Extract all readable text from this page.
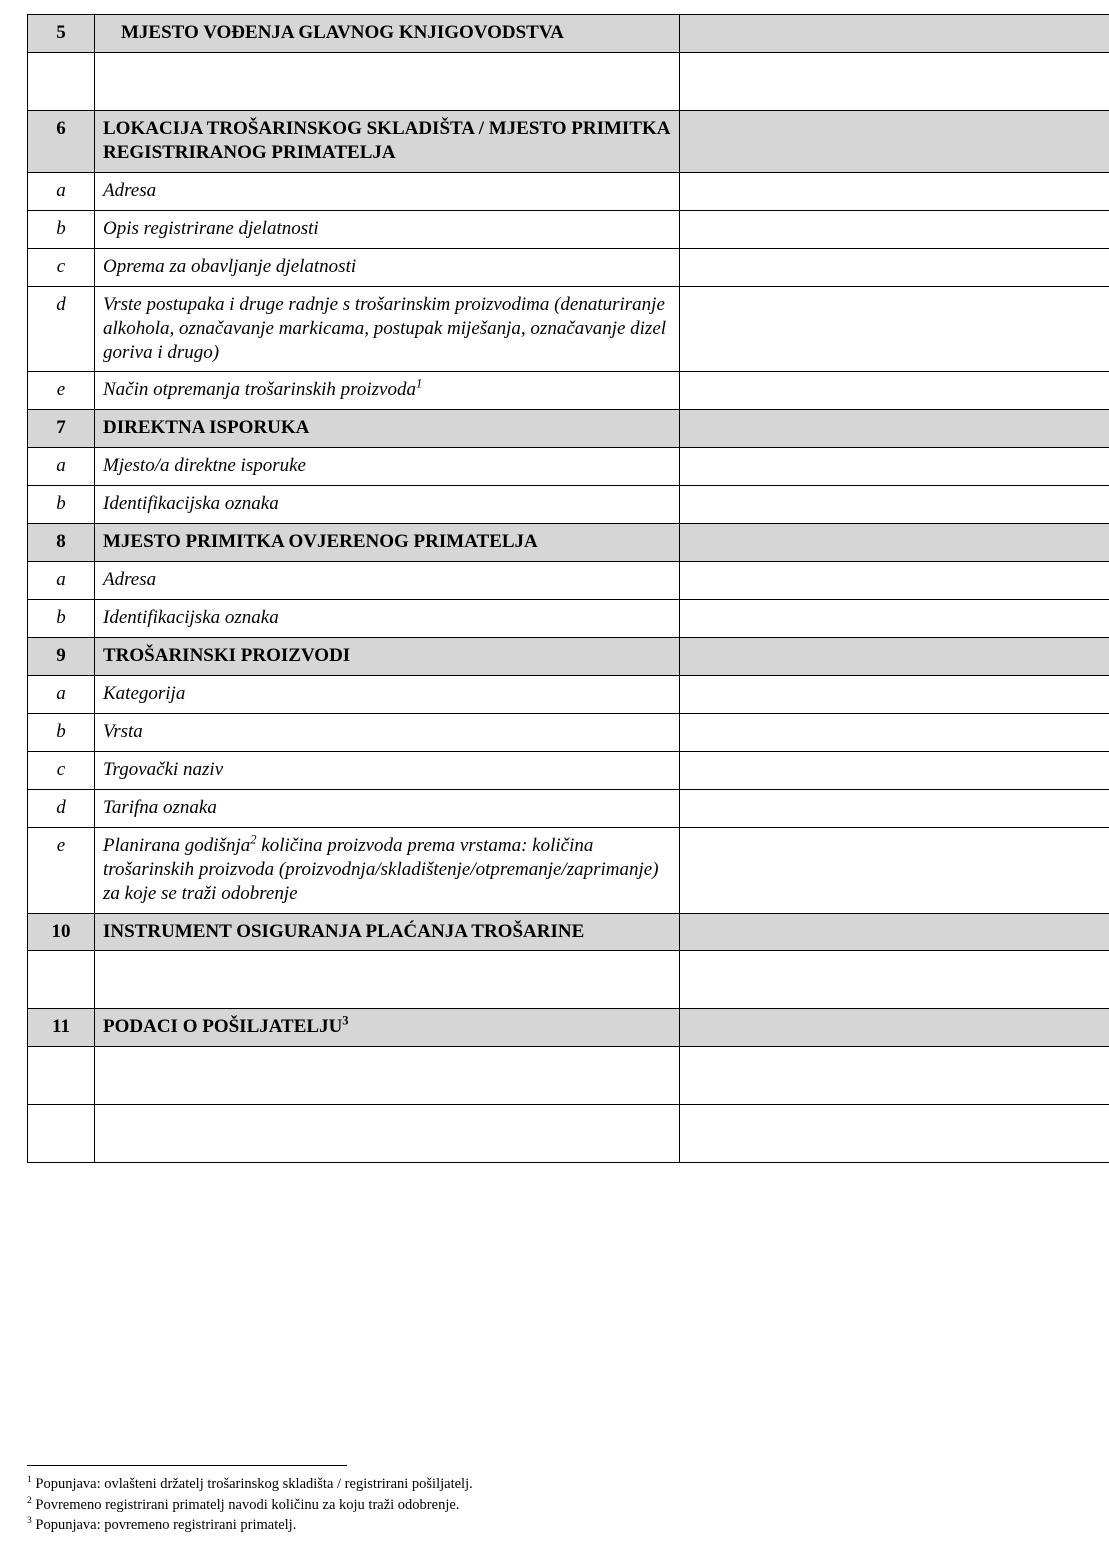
5	MJESTO VOĐENJA GLAVNOG KNJIGOVODSTVA	

6	LOKACIJA TROŠARINSKOG SKLADIŠTA / MJESTO PRIMITKA REGISTRIRANOG PRIMATELJA	
a	Adresa	
b	Opis registrirane djelatnosti	
c	Oprema za obavljanje djelatnosti	
d	Vrste postupaka i druge radnje s trošarinskim proizvodima (denaturiranje alkohola, označavanje markicama, postupak miješanja, označavanje dizel goriva i drugo)	
e	Način otpremanja trošarinskih proizvoda$^1$	
7	DIREKTNA ISPORUKA	
a	Mjesto/a direktne isporuke	
b	Identifikacijska oznaka	
8	MJESTO PRIMITKA OVJERENOG PRIMATELJA	
a	Adresa	
b	Identifikacijska oznaka	
9	TROŠARINSKI PROIZVODI	
a	Kategorija	
b	Vrsta	
c	Trgovački naziv	
d	Tarifna oznaka	
e	Planirana godišnja$^2$ količina proizvoda prema vrstama: količina trošarinskih proizvoda (proizvodnja/skladištenje/otpremanje/zaprimanje) za koje se traži odobrenje	
10	INSTRUMENT OSIGURANJA PLAĆANJA TROŠARINE	

11	PODACI O POŠILJATELJU$^3$	

$^1$ Popunjava: ovlašteni držatelj trošarinskog skladišta / registrirani pošiljatelj.
$^2$ Povremeno registrirani primatelj navodi količinu za koju traži odobrenje.
$^3$ Popunjava: povremeno registrirani primatelj.
